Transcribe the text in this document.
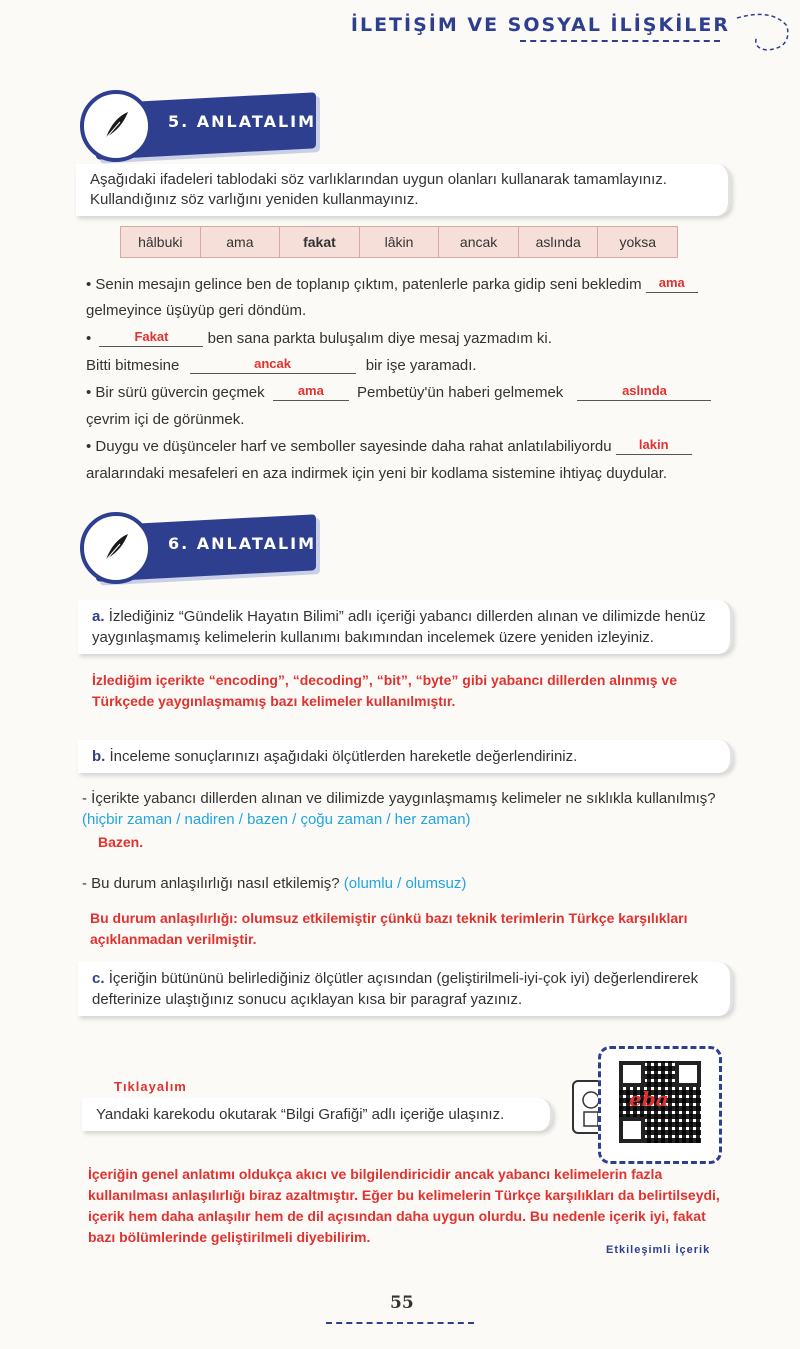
İLETİŞİM VE SOSYAL İLİŞKİLER
5. ANLATALIM
Aşağıdaki ifadeleri tablodaki söz varlıklarından uygun olanları kullanarak tamamlayınız. Kullandığınız söz varlığını yeniden kullanmayınız.
hâlbuki	ama	fakat	lâkin	ancak	aslında	yoksa
• Senin mesajın gelince ben de toplanıp çıktım, patenlerle parka gidip seni bekledim	ama
gelmeyince üşüyüp geri döndüm.
•	Fakat	ben sana parkta buluşalım diye mesaj yazmadım ki.
Bitti bitmesine	ancak	bir işe yaramadı.
• Bir sürü güvercin geçmek	ama	Pembetüy'ün haberi gelmemek	aslında
çevrim içi de görünmek.
• Duygu ve düşünceler harf ve semboller sayesinde daha rahat anlatılabiliyordu	lakin
aralarındaki mesafeleri en aza indirmek için yeni bir kodlama sistemine ihtiyaç duydular.
6. ANLATALIM
a. İzlediğiniz “Gündelik Hayatın Bilimi” adlı içeriği yabancı dillerden alınan ve dilimizde henüz yaygınlaşmamış kelimelerin kullanımı bakımından incelemek üzere yeniden izleyiniz.
İzlediğim içerikte “encoding”, “decoding”, “bit”, “byte” gibi yabancı dillerden alınmış ve Türkçede yaygınlaşmamış bazı kelimeler kullanılmıştır.
b. İnceleme sonuçlarınızı aşağıdaki ölçütlerden hareketle değerlendiriniz.
- İçerikte yabancı dillerden alınan ve dilimizde yaygınlaşmamış kelimeler ne sıklıkla kullanılmış? (hiçbir zaman / nadiren / bazen / çoğu zaman / her zaman)
Bazen.
- Bu durum anlaşılırlığı nasıl etkilemiş? (olumlu / olumsuz)
Bu durum anlaşılırlığı: olumsuz etkilemiştir çünkü bazı teknik terimlerin Türkçe karşılıkları açıklanmadan verilmiştir.
c. İçeriğin bütününü belirlediğiniz ölçütler açısından (geliştirilmeli-iyi-çok iyi) değerlendirerek defterinize ulaştığınız sonucu açıklayan kısa bir paragraf yazınız.
Tıklayalım
Yandaki karekodu okutarak “Bilgi Grafiği” adlı içeriğe ulaşınız.
eba
İçeriğin genel anlatımı oldukça akıcı ve bilgilendiricidir ancak yabancı kelimelerin fazla kullanılması anlaşılırlığı biraz azaltmıştır. Eğer bu kelimelerin Türkçe karşılıkları da belirtilseydi, içerik hem daha anlaşılır hem de dil açısından daha uygun olurdu. Bu nedenle içerik iyi, fakat bazı bölümlerinde geliştirilmeli diyebilirim.
Etkileşimli İçerik
55
